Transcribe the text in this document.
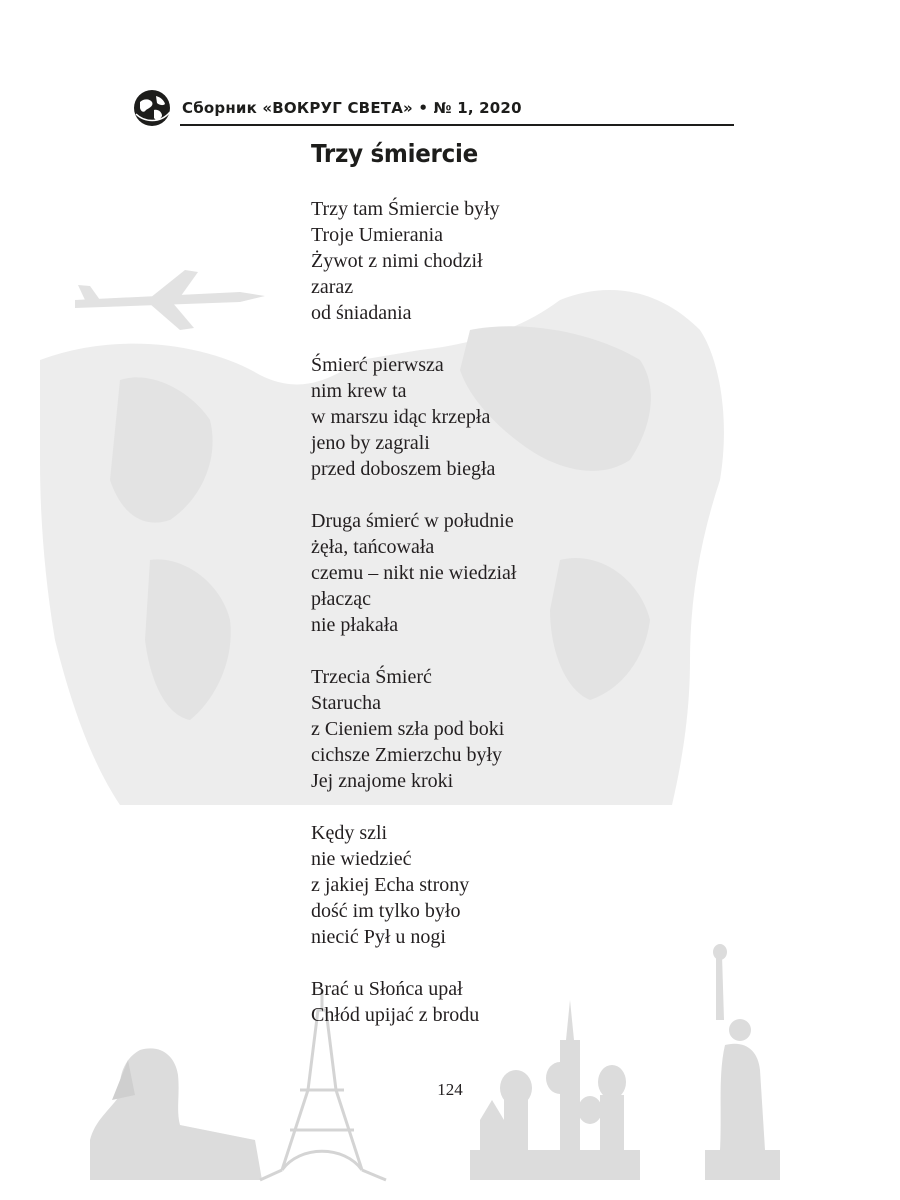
Сборник «ВОКРУГ СВЕТА» • № 1, 2020
Trzy śmiercie
Trzy tam Śmiercie były
Troje Umierania
Żywot z nimi chodził
zaraz
od śniadania
Śmierć pierwsza
nim krew ta
w marszu idąc krzepła
jeno by zagrali
przed doboszem biegła
Druga śmierć w południe
żęła, tańcowała
czemu – nikt nie wiedział
płacząc
nie płakała
Trzecia Śmierć
Starucha
z Cieniem szła pod boki
cichsze Zmierzchu były
Jej znajome kroki
Kędy szli
nie wiedzieć
z jakiej Echa strony
dość im tylko było
niecić Pył u nogi
Brać u Słońca upał
Chłód upijać z brodu
124
